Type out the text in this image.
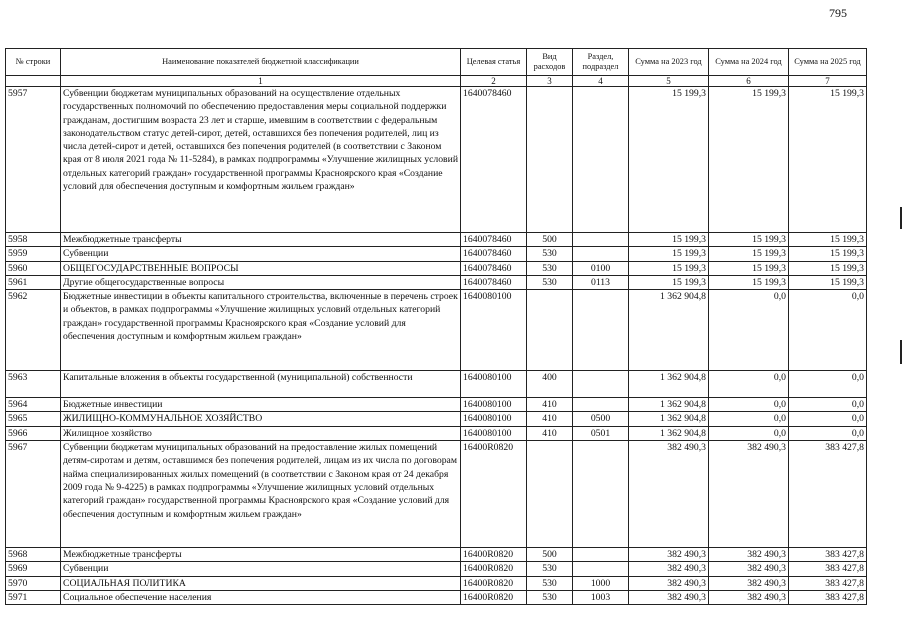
795
№ строки	Наименование показателей бюджетной классификации	Целевая статья	Вид расходов	Раздел, подраздел	Сумма на 2023 год	Сумма на 2024 год	Сумма на 2025 год
	1	2	3	4	5	6	7
5957	Субвенции бюджетам муниципальных образований на осуществление отдельных государственных полномочий по обеспечению предоставления меры социальной поддержки гражданам, достигшим возраста 23 лет и старше, имевшим в соответствии с федеральным законодательством статус детей-сирот, детей, оставшихся без попечения родителей, лиц из числа детей-сирот и детей, оставшихся без попечения родителей (в соответствии с Законом края от 8 июля 2021 года № 11-5284), в рамках подпрограммы «Улучшение жилищных условий отдельных категорий граждан» государственной программы Красноярского края «Создание условий для обеспечения доступным и комфортным жильем граждан»	1640078460			15 199,3	15 199,3	15 199,3
5958	Межбюджетные трансферты	1640078460	500		15 199,3	15 199,3	15 199,3
5959	Субвенции	1640078460	530		15 199,3	15 199,3	15 199,3
5960	ОБЩЕГОСУДАРСТВЕННЫЕ ВОПРОСЫ	1640078460	530	0100	15 199,3	15 199,3	15 199,3
5961	Другие общегосударственные вопросы	1640078460	530	0113	15 199,3	15 199,3	15 199,3
5962	Бюджетные инвестиции в объекты капитального строительства, включенные в перечень строек и объектов, в рамках подпрограммы «Улучшение жилищных условий отдельных категорий граждан» государственной программы Красноярского края «Создание условий для обеспечения доступным и комфортным жильем граждан»	1640080100			1 362 904,8	0,0	0,0
5963	Капитальные вложения в объекты государственной (муниципальной) собственности	1640080100	400		1 362 904,8	0,0	0,0
5964	Бюджетные инвестиции	1640080100	410		1 362 904,8	0,0	0,0
5965	ЖИЛИЩНО-КОММУНАЛЬНОЕ ХОЗЯЙСТВО	1640080100	410	0500	1 362 904,8	0,0	0,0
5966	Жилищное хозяйство	1640080100	410	0501	1 362 904,8	0,0	0,0
5967	Субвенции бюджетам муниципальных образований на предоставление жилых помещений детям-сиротам и детям, оставшимся без попечения родителей, лицам из их числа по договорам найма специализированных жилых помещений (в соответствии с Законом края от 24 декабря 2009 года № 9-4225) в рамках подпрограммы «Улучшение жилищных условий отдельных категорий граждан» государственной программы Красноярского края «Создание условий для обеспечения доступным и комфортным жильем граждан»	16400R0820			382 490,3	382 490,3	383 427,8
5968	Межбюджетные трансферты	16400R0820	500		382 490,3	382 490,3	383 427,8
5969	Субвенции	16400R0820	530		382 490,3	382 490,3	383 427,8
5970	СОЦИАЛЬНАЯ ПОЛИТИКА	16400R0820	530	1000	382 490,3	382 490,3	383 427,8
5971	Социальное обеспечение населения	16400R0820	530	1003	382 490,3	382 490,3	383 427,8
